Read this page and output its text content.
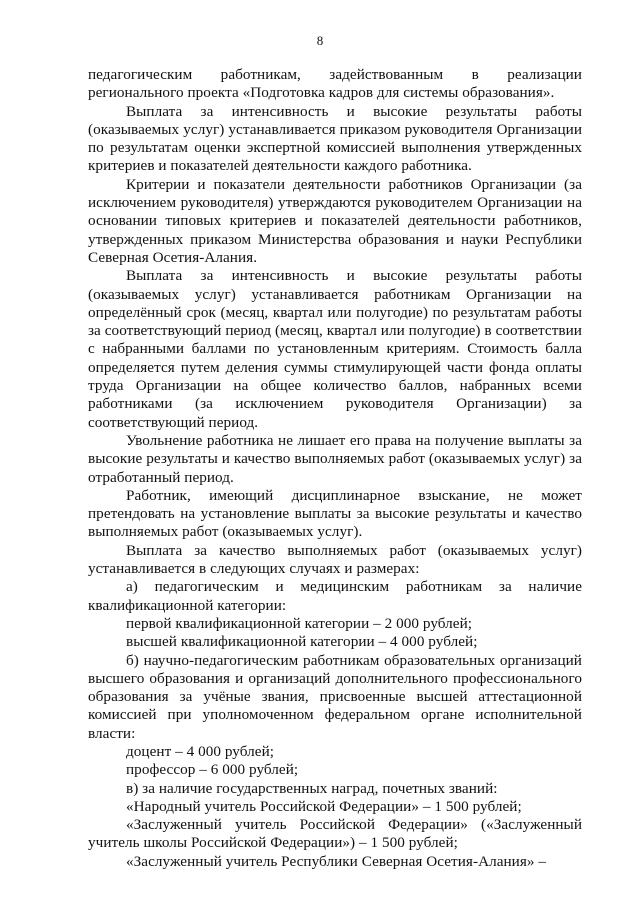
8

педагогическим работникам, задействованным в реализации регионального проекта «Подготовка кадров для системы образования».

Выплата за интенсивность и высокие результаты работы (оказываемых услуг) устанавливается приказом руководителя Организации по результатам оценки экспертной комиссией выполнения утвержденных критериев и показателей деятельности каждого работника.

Критерии и показатели деятельности работников Организации (за исключением руководителя) утверждаются руководителем Организации на основании типовых критериев и показателей деятельности работников, утвержденных приказом Министерства образования и науки Республики Северная Осетия-Алания.

Выплата за интенсивность и высокие результаты работы (оказываемых услуг) устанавливается работникам Организации на определённый срок (месяц, квартал или полугодие) по результатам работы за соответствующий период (месяц, квартал или полугодие) в соответствии с набранными баллами по установленным критериям. Стоимость балла определяется путем деления суммы стимулирующей части фонда оплаты труда Организации на общее количество баллов, набранных всеми работниками (за исключением руководителя Организации) за соответствующий период.

Увольнение работника не лишает его права на получение выплаты за высокие результаты и качество выполняемых работ (оказываемых услуг) за отработанный период.

Работник, имеющий дисциплинарное взыскание, не может претендовать на установление выплаты за высокие результаты и качество выполняемых работ (оказываемых услуг).

Выплата за качество выполняемых работ (оказываемых услуг) устанавливается в следующих случаях и размерах:

а) педагогическим и медицинским работникам за наличие квалификационной категории:

первой квалификационной категории – 2 000 рублей;

высшей квалификационной категории – 4 000 рублей;

б) научно-педагогическим работникам образовательных организаций высшего образования и организаций дополнительного профессионального образования за учёные звания, присвоенные высшей аттестационной комиссией при уполномоченном федеральном органе исполнительной власти:

доцент – 4 000 рублей;

профессор – 6 000 рублей;

в) за наличие государственных наград, почетных званий:

«Народный учитель Российской Федерации» – 1 500 рублей;

«Заслуженный учитель Российской Федерации» («Заслуженный учитель школы Российской Федерации») – 1 500 рублей;

«Заслуженный учитель Республики Северная Осетия-Алания» –
